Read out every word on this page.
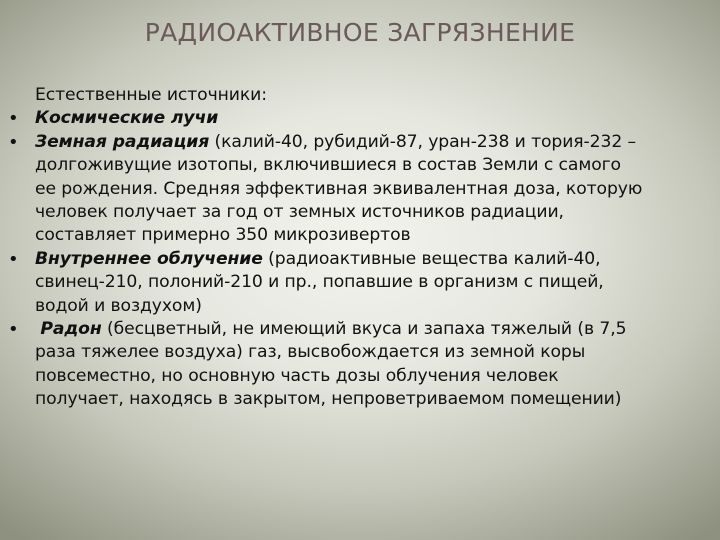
РАДИОАКТИВНОЕ ЗАГРЯЗНЕНИЕ
Естественные источники:
• Космические лучи
• Земная радиация (калий-40, рубидий-87, уран-238 и тория-232 –
долгоживущие изотопы, включившиеся в состав Земли с самого
ее рождения. Средняя эффективная эквивалентная доза, которую
человек получает за год от земных источников радиации,
составляет примерно 350 микрозивертов
• Внутреннее облучение (радиоактивные вещества калий-40,
свинец-210, полоний-210 и пр., попавшие в организм с пищей,
водой и воздухом)
•	Радон (бесцветный, не имеющий вкуса и запаха тяжелый (в 7,5
раза тяжелее воздуха) газ, высвобождается из земной коры
повсеместно, но основную часть дозы облучения человек
получает, находясь в закрытом, непроветриваемом помещении)
